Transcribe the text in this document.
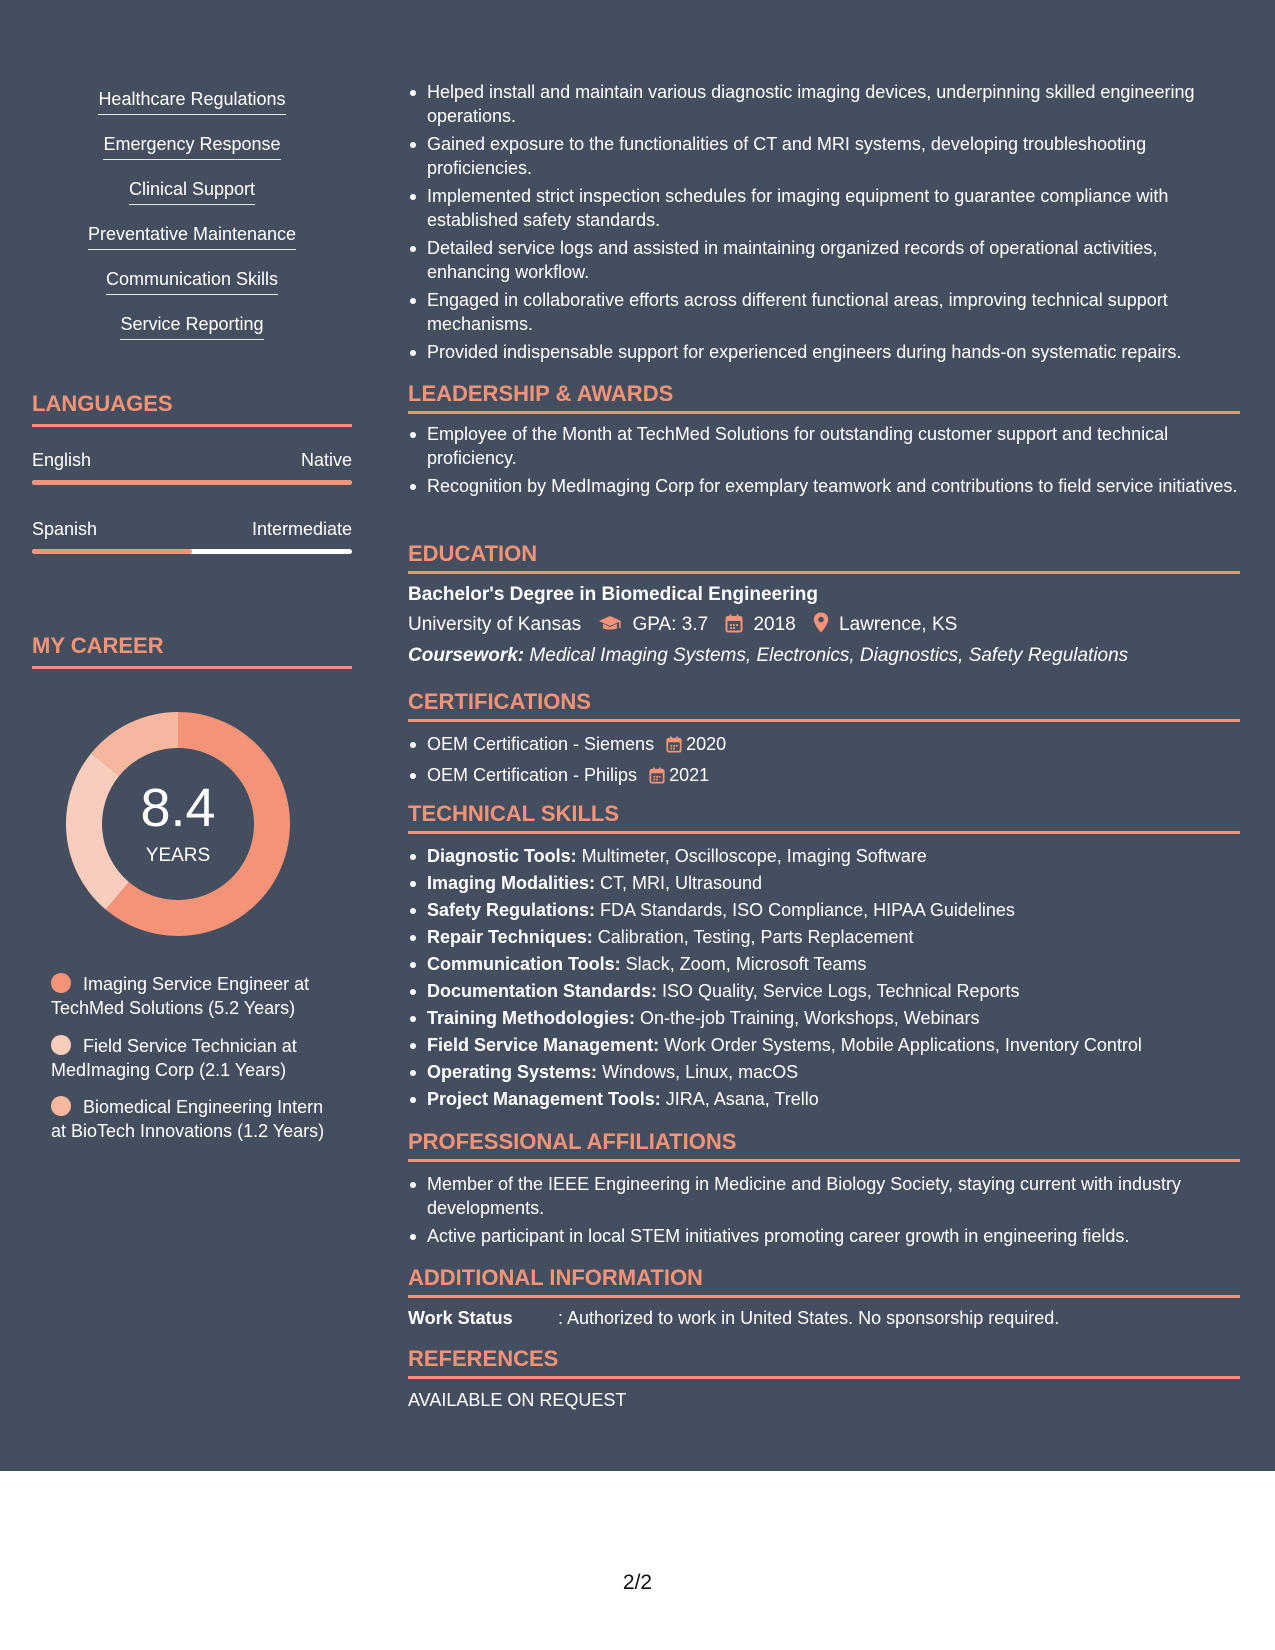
Healthcare Regulations
Emergency Response
Clinical Support
Preventative Maintenance
Communication Skills
Service Reporting
LANGUAGES
English	Native
Spanish	Intermediate
MY CAREER
8.4
YEARS
Imaging Service Engineer at TechMed Solutions (5.2 Years)
Field Service Technician at MedImaging Corp (2.1 Years)
Biomedical Engineering Intern at BioTech Innovations (1.2 Years)
Helped install and maintain various diagnostic imaging devices, underpinning skilled engineering operations.
Gained exposure to the functionalities of CT and MRI systems, developing troubleshooting proficiencies.
Implemented strict inspection schedules for imaging equipment to guarantee compliance with established safety standards.
Detailed service logs and assisted in maintaining organized records of operational activities, enhancing workflow.
Engaged in collaborative efforts across different functional areas, improving technical support mechanisms.
Provided indispensable support for experienced engineers during hands-on systematic repairs.
LEADERSHIP & AWARDS
Employee of the Month at TechMed Solutions for outstanding customer support and technical proficiency.
Recognition by MedImaging Corp for exemplary teamwork and contributions to field service initiatives.
EDUCATION
Bachelor's Degree in Biomedical Engineering
University of Kansas	GPA: 3.7 2018 Lawrence, KS
Coursework: Medical Imaging Systems, Electronics, Diagnostics, Safety Regulations
CERTIFICATIONS
OEM Certification - Siemens 2020
OEM Certification - Philips 2021
TECHNICAL SKILLS
Diagnostic Tools: Multimeter, Oscilloscope, Imaging Software
Imaging Modalities: CT, MRI, Ultrasound
Safety Regulations: FDA Standards, ISO Compliance, HIPAA Guidelines
Repair Techniques: Calibration, Testing, Parts Replacement
Communication Tools: Slack, Zoom, Microsoft Teams
Documentation Standards: ISO Quality, Service Logs, Technical Reports
Training Methodologies: On-the-job Training, Workshops, Webinars
Field Service Management: Work Order Systems, Mobile Applications, Inventory Control
Operating Systems: Windows, Linux, macOS
Project Management Tools: JIRA, Asana, Trello
PROFESSIONAL AFFILIATIONS
Member of the IEEE Engineering in Medicine and Biology Society, staying current with industry developments.
Active participant in local STEM initiatives promoting career growth in engineering fields.
ADDITIONAL INFORMATION
Work Status	: Authorized to work in United States. No sponsorship required.
REFERENCES
AVAILABLE ON REQUEST
2/2
